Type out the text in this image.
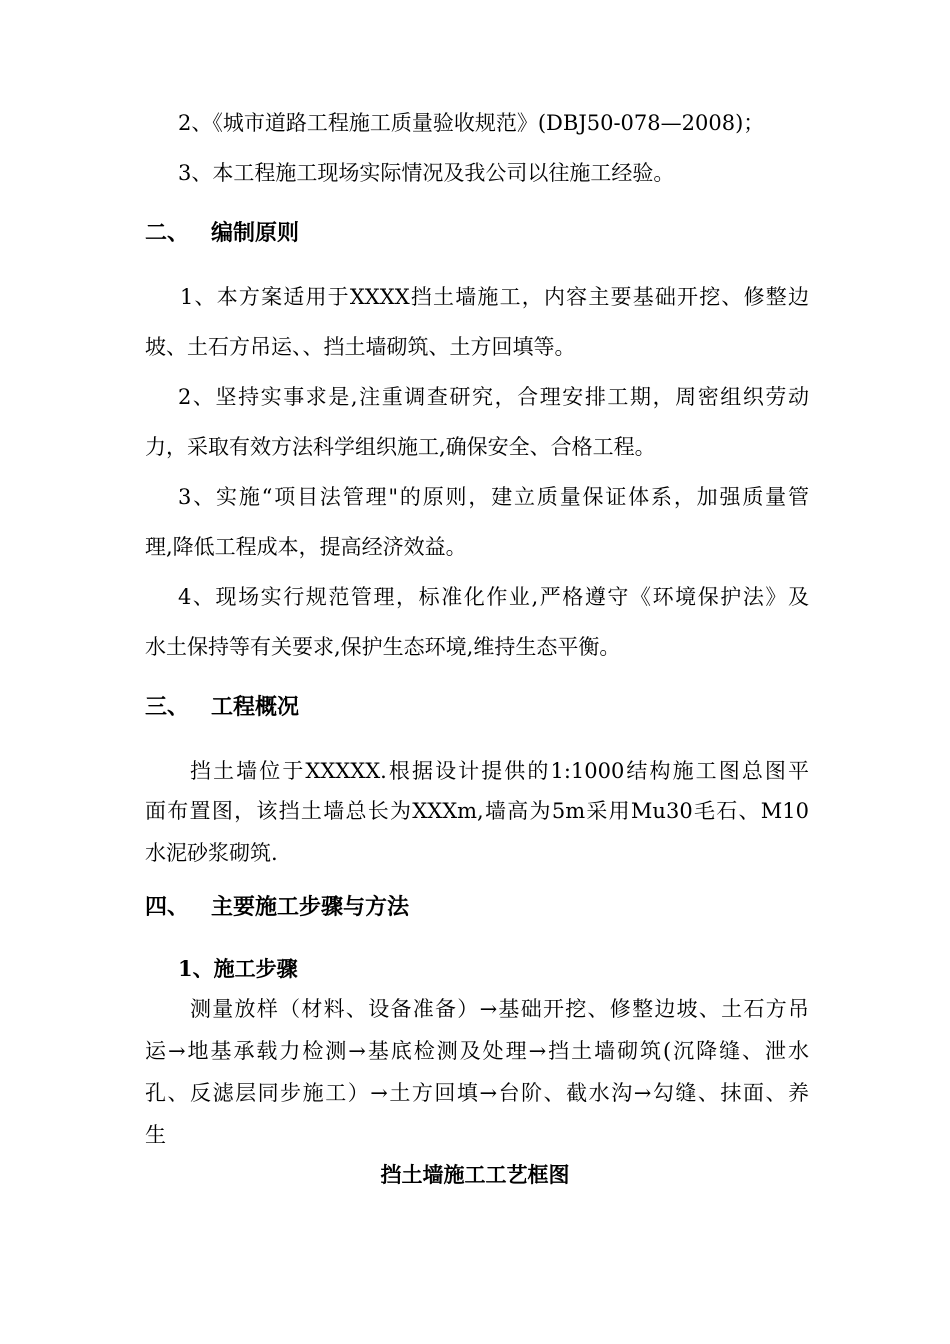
2、《城市道路工程施工质量验收规范》(DBJ50-078—2008)；
3、本工程施工现场实际情况及我公司以往施工经验。
二、 编制原则
1、本方案适用于XXXX挡土墙施工，内容主要基础开挖、修整边
坡、土石方吊运、、挡土墙砌筑、土方回填等。
2、坚持实事求是,注重调查研究，合理安排工期，周密组织劳动
力，采取有效方法科学组织施工,确保安全、合格工程。
3、实施“项目法管理"的原则，建立质量保证体系，加强质量管
理,降低工程成本，提高经济效益。
4、现场实行规范管理，标准化作业,严格遵守《环境保护法》及
水土保持等有关要求,保护生态环境,维持生态平衡。
三、 工程概况
挡土墙位于XXXXX.根据设计提供的1:1000结构施工图总图平
面布置图，该挡土墙总长为XXXm,墙高为5m采用Mu30毛石、M10
水泥砂浆砌筑.
四、 主要施工步骤与方法
1、施工步骤
测量放样（材料、设备准备）→基础开挖、修整边坡、土石方吊
运→地基承载力检测→基底检测及处理→挡土墙砌筑(沉降缝、泄水
孔、反滤层同步施工）→土方回填→台阶、截水沟→勾缝、抹面、养
生
挡土墙施工工艺框图
